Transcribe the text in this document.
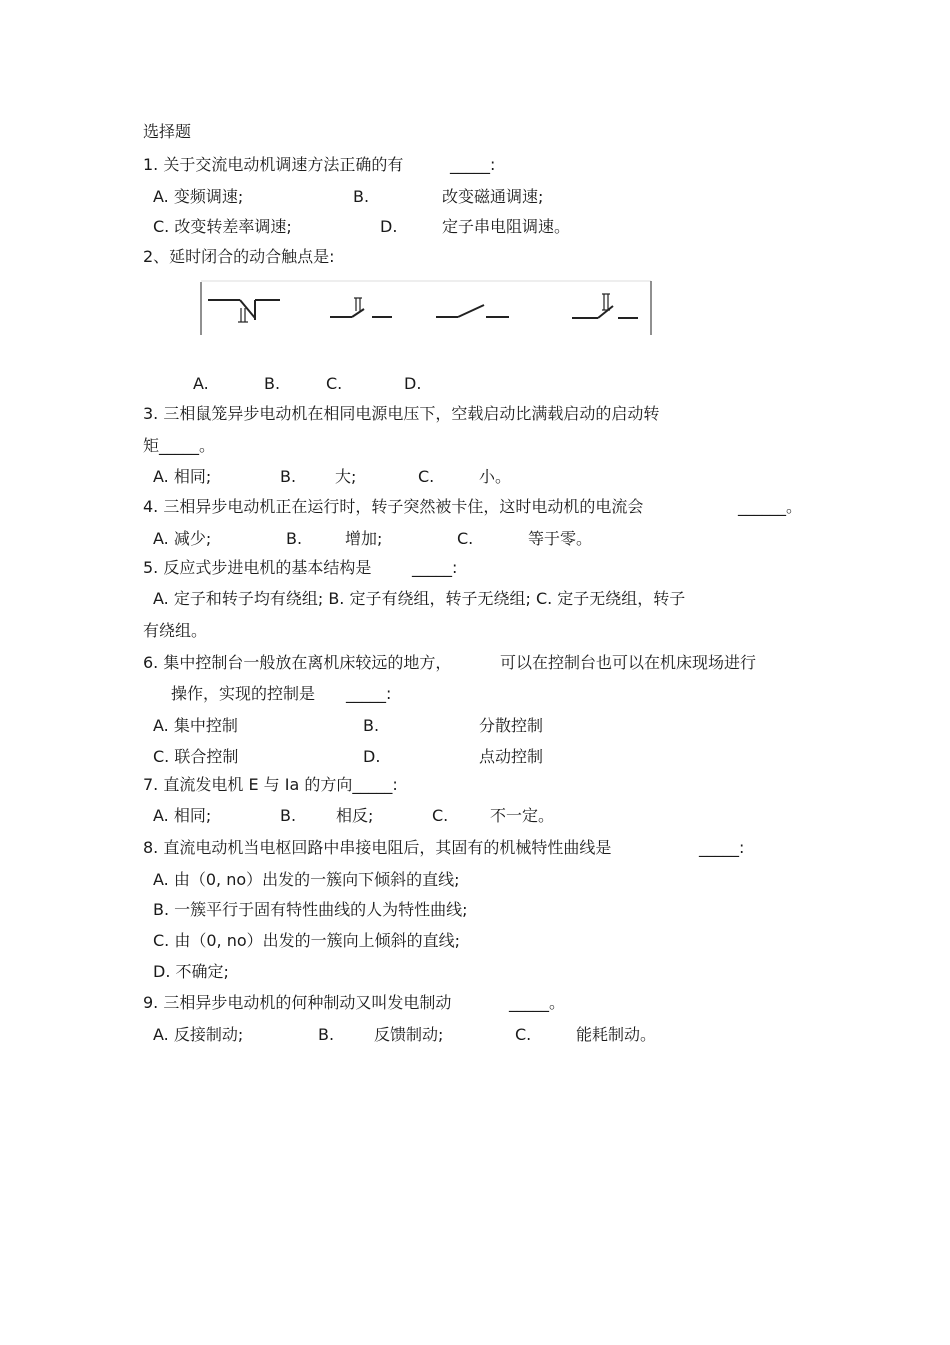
选择题
1. 关于交流电动机调速方法正确的有	_____:
A. 变频调速;	B.	改变磁通调速;
C. 改变转差率调速;	D.	定子串电阻调速。
2、延时闭合的动合触点是:
A.	B.	C.	D.
3. 三相鼠笼异步电动机在相同电源电压下，空载启动比满载启动的启动转
矩_____。
A. 相同;	B. 大;	C.	小。
4. 三相异步电动机正在运行时，转子突然被卡住，这时电动机的电流会	______。
A. 减少;	B.	增加;	C.	等于零。
5. 反应式步进电机的基本结构是	_____:
A. 定子和转子均有绕组; B. 定子有绕组，转子无绕组; C. 定子无绕组，转子
有绕组。
6. 集中控制台一般放在离机床较远的地方，	可以在控制台也可以在机床现场进行
操作，实现的控制是 _____:
A. 集中控制	B.	分散控制
C. 联合控制	D.	点动控制
7. 直流发电机 E 与 Ia 的方向_____:
A. 相同;	B. 相反;	C.	不一定。
8. 直流电动机当电枢回路中串接电阻后，其固有的机械特性曲线是	_____:
A. 由（0, no）出发的一簇向下倾斜的直线;
B. 一簇平行于固有特性曲线的人为特性曲线;
C. 由（0, no）出发的一簇向上倾斜的直线;
D. 不确定;
9. 三相异步电动机的何种制动又叫发电制动	_____。
A. 反接制动;	B. 反馈制动;	C.	能耗制动。
